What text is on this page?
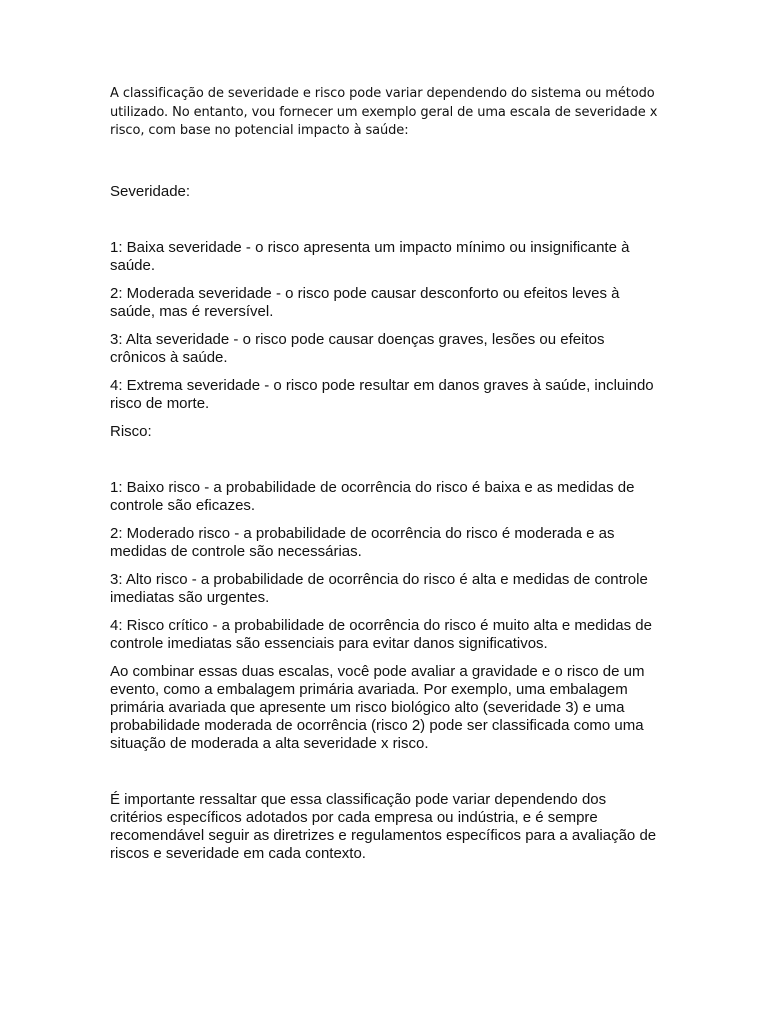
A classificação de severidade e risco pode variar dependendo do sistema ou método utilizado. No entanto, vou fornecer um exemplo geral de uma escala de severidade x risco, com base no potencial impacto à saúde:

Severidade:

1: Baixa severidade - o risco apresenta um impacto mínimo ou insignificante à saúde.

2: Moderada severidade - o risco pode causar desconforto ou efeitos leves à saúde, mas é reversível.

3: Alta severidade - o risco pode causar doenças graves, lesões ou efeitos crônicos à saúde.

4: Extrema severidade - o risco pode resultar em danos graves à saúde, incluindo risco de morte.

Risco:

1: Baixo risco - a probabilidade de ocorrência do risco é baixa e as medidas de controle são eficazes.

2: Moderado risco - a probabilidade de ocorrência do risco é moderada e as medidas de controle são necessárias.

3: Alto risco - a probabilidade de ocorrência do risco é alta e medidas de controle imediatas são urgentes.

4: Risco crítico - a probabilidade de ocorrência do risco é muito alta e medidas de controle imediatas são essenciais para evitar danos significativos.

Ao combinar essas duas escalas, você pode avaliar a gravidade e o risco de um evento, como a embalagem primária avariada. Por exemplo, uma embalagem primária avariada que apresente um risco biológico alto (severidade 3) e uma probabilidade moderada de ocorrência (risco 2) pode ser classificada como uma situação de moderada a alta severidade x risco.

É importante ressaltar que essa classificação pode variar dependendo dos critérios específicos adotados por cada empresa ou indústria, e é sempre recomendável seguir as diretrizes e regulamentos específicos para a avaliação de riscos e severidade em cada contexto.
